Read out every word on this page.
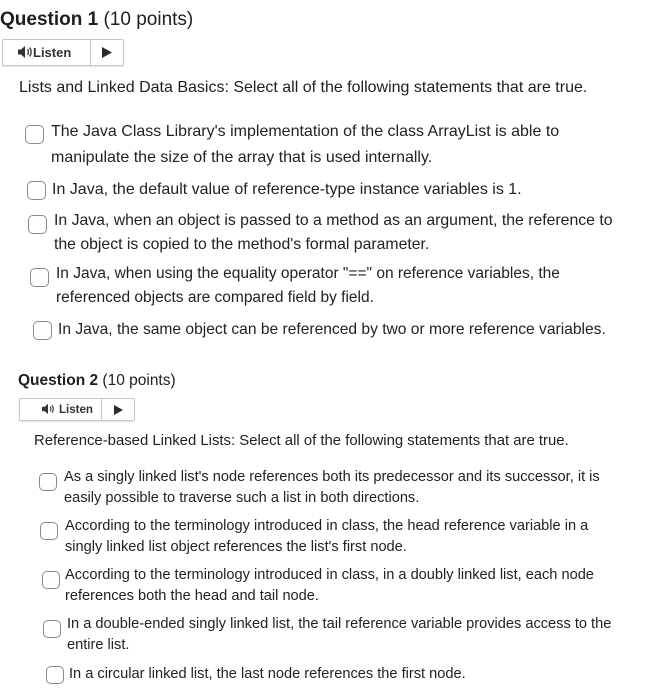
Question 1 (10 points)
Listen
Lists and Linked Data Basics: Select all of the following statements that are true.
The Java Class Library's implementation of the class ArrayList is able to manipulate the size of the array that is used internally.
In Java, the default value of reference-type instance variables is 1.
In Java, when an object is passed to a method as an argument, the reference to the object is copied to the method's formal parameter.
In Java, when using the equality operator "==" on reference variables, the referenced objects are compared field by field.
In Java, the same object can be referenced by two or more reference variables.
Question 2 (10 points)
Listen
Reference-based Linked Lists: Select all of the following statements that are true.
As a singly linked list's node references both its predecessor and its successor, it is easily possible to traverse such a list in both directions.
According to the terminology introduced in class, the head reference variable in a singly linked list object references the list's first node.
According to the terminology introduced in class, in a doubly linked list, each node references both the head and tail node.
In a double-ended singly linked list, the tail reference variable provides access to the entire list.
In a circular linked list, the last node references the first node.
